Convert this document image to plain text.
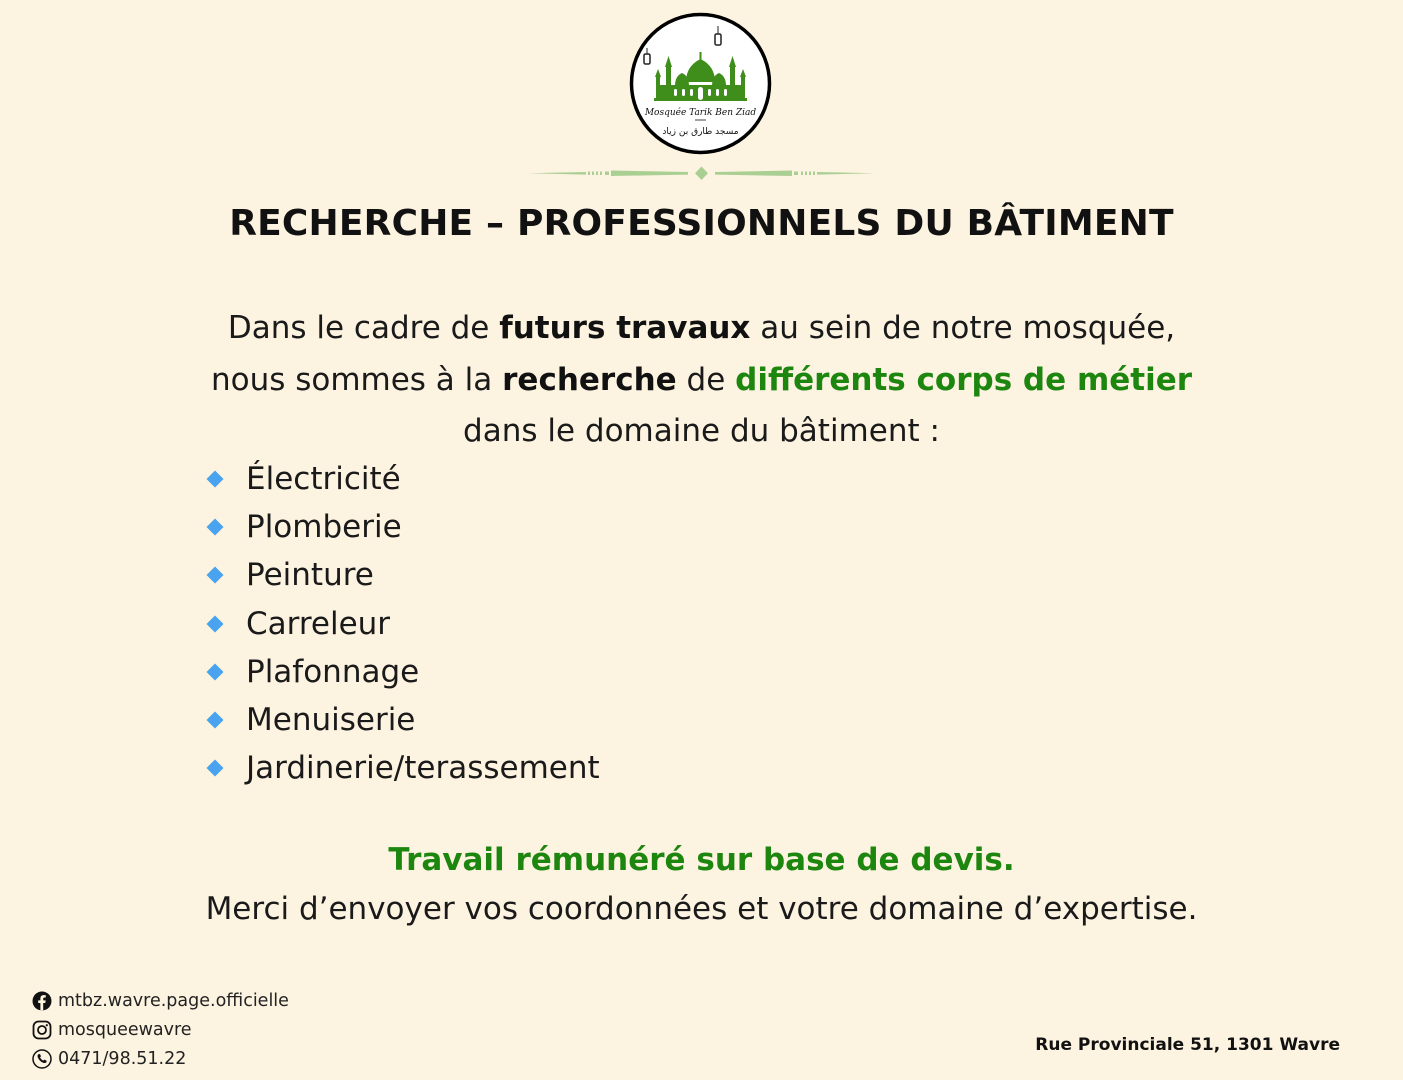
Mosquée Tarik Ben Ziad
مسجد طارق بن زياد
RECHERCHE – PROFESSIONNELS DU BÂTIMENT
Dans le cadre de futurs travaux au sein de notre mosquée,
nous sommes à la recherche de différents corps de métier
dans le domaine du bâtiment :
Électricité
Plomberie
Peinture
Carreleur
Plafonnage
Menuiserie
Jardinerie/terassement
Travail rémunéré sur base de devis.
Merci d’envoyer vos coordonnées et votre domaine d’expertise.
mtbz.wavre.page.officielle
mosqueewavre
0471/98.51.22
Rue Provinciale 51, 1301 Wavre
